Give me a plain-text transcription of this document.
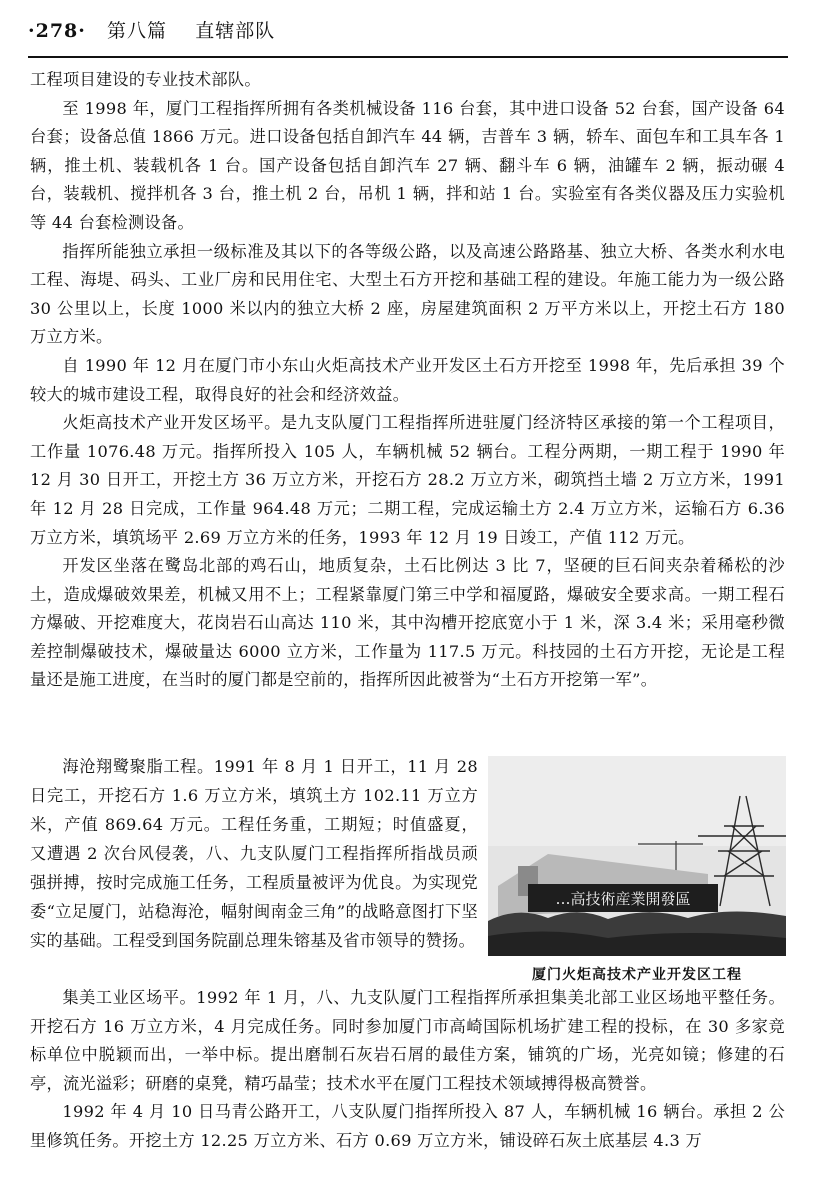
·278· 第八篇 直辖部队

工程项目建设的专业技术部队。

至 1998 年，厦门工程指挥所拥有各类机械设备 116 台套，其中进口设备 52 台套，国产设备 64 台套；设备总值 1866 万元。进口设备包括自卸汽车 44 辆，吉普车 3 辆，轿车、面包车和工具车各 1 辆，推土机、装载机各 1 台。国产设备包括自卸汽车 27 辆、翻斗车 6 辆，油罐车 2 辆，振动碾 4 台，装载机、搅拌机各 3 台，推土机 2 台，吊机 1 辆，拌和站 1 台。实验室有各类仪器及压力实验机等 44 台套检测设备。

指挥所能独立承担一级标准及其以下的各等级公路，以及高速公路路基、独立大桥、各类水利水电工程、海堤、码头、工业厂房和民用住宅、大型土石方开挖和基础工程的建设。年施工能力为一级公路 30 公里以上，长度 1000 米以内的独立大桥 2 座，房屋建筑面积 2 万平方米以上，开挖土石方 180 万立方米。

自 1990 年 12 月在厦门市小东山火炬高技术产业开发区土石方开挖至 1998 年，先后承担 39 个较大的城市建设工程，取得良好的社会和经济效益。

火炬高技术产业开发区场平。是九支队厦门工程指挥所进驻厦门经济特区承接的第一个工程项目，工作量 1076.48 万元。指挥所投入 105 人，车辆机械 52 辆台。工程分两期，一期工程于 1990 年 12 月 30 日开工，开挖土方 36 万立方米，开挖石方 28.2 万立方米，砌筑挡土墙 2 万立方米，1991 年 12 月 28 日完成，工作量 964.48 万元；二期工程，完成运输土方 2.4 万立方米，运输石方 6.36 万立方米，填筑场平 2.69 万立方米的任务，1993 年 12 月 19 日竣工，产值 112 万元。

开发区坐落在鹭岛北部的鸡石山，地质复杂，土石比例达 3 比 7，坚硬的巨石间夹杂着稀松的沙土，造成爆破效果差，机械又用不上；工程紧靠厦门第三中学和福厦路，爆破安全要求高。一期工程石方爆破、开挖难度大，花岗岩石山高达 110 米，其中沟槽开挖底宽小于 1 米，深 3.4 米；采用毫秒微差控制爆破技术，爆破量达 6000 立方米，工作量为 117.5 万元。科技园的土石方开挖，无论是工程量还是施工进度，在当时的厦门都是空前的，指挥所因此被誉为“土石方开挖第一军”。

海沧翔鹭聚脂工程。1991 年 8 月 1 日开工，11 月 28 日完工，开挖石方 1.6 万立方米，填筑土方 102.11 万立方米，产值 869.64 万元。工程任务重，工期短；时值盛夏，又遭遇 2 次台风侵袭，八、九支队厦门工程指挥所指战员顽强拼搏，按时完成施工任务，工程质量被评为优良。为实现党委“立足厦门，站稳海沧，幅射闽南金三角”的战略意图打下坚实的基础。工程受到国务院副总理朱镕基及省市领导的赞扬。

…高技術産業開發區
厦门火炬高技术产业开发区工程

集美工业区场平。1992 年 1 月，八、九支队厦门工程指挥所承担集美北部工业区场地平整任务。开挖石方 16 万立方米，4 月完成任务。同时参加厦门市高崎国际机场扩建工程的投标，在 30 多家竞标单位中脱颖而出，一举中标。提出磨制石灰岩石屑的最佳方案，铺筑的广场，光亮如镜；修建的石亭，流光溢彩；研磨的桌凳，精巧晶莹；技术水平在厦门工程技术领域搏得极高赞誉。

1992 年 4 月 10 日马青公路开工，八支队厦门指挥所投入 87 人，车辆机械 16 辆台。承担 2 公里修筑任务。开挖土方 12.25 万立方米、石方 0.69 万立方米，铺设碎石灰土底基层 4.3 万
